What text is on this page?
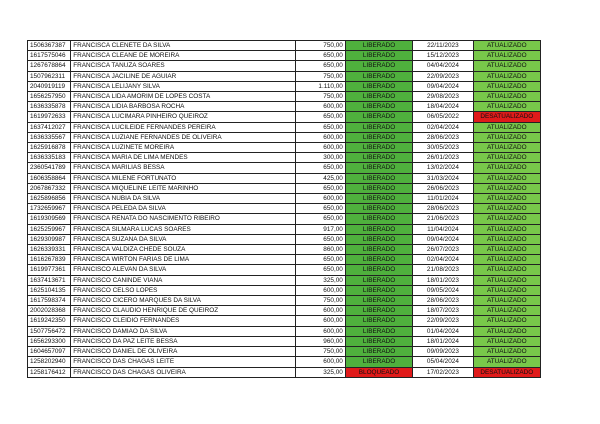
1506367387	FRANCISCA CLENETE DA SILVA	750,00	LIBERADO	22/11/2023	ATUALIZADO
1617575046	FRANCISCA CLEANE DE MOREIRA	650,00	LIBERADO	15/12/2023	ATUALIZADO
1267678864	FRANCISCA TANUZA SOARES	650,00	LIBERADO	04/04/2024	ATUALIZADO
1507962311	FRANCISCA JACILINE DE AGUIAR	750,00	LIBERADO	22/09/2023	ATUALIZADO
2040919119	FRANCISCA LELIJANY SILVA	1.110,00	LIBERADO	09/04/2024	ATUALIZADO
1656257950	FRANCISCA LIDA AMORIM DE LOPES COSTA	750,00	LIBERADO	29/08/2023	ATUALIZADO
1636335878	FRANCISCA LIDIA BARBOSA ROCHA	600,00	LIBERADO	18/04/2024	ATUALIZADO
1619972633	FRANCISCA LUCIMARA PINHEIRO QUEIROZ	650,00	LIBERADO	06/05/2022	DESATUALIZADO
1637412027	FRANCISCA LUCILEIDE FERNANDES PEREIRA	650,00	LIBERADO	02/04/2024	ATUALIZADO
1636335567	FRANCISCA LUZIANE FERNANDES DE OLIVEIRA	600,00	LIBERADO	28/06/2023	ATUALIZADO
1625916878	FRANCISCA LUZINETE MOREIRA	600,00	LIBERADO	30/05/2023	ATUALIZADO
1636335183	FRANCISCA MARIA DE LIMA MENDES	300,00	LIBERADO	26/01/2023	ATUALIZADO
2360541789	FRANCISCA MARILIAS BESSA	650,00	LIBERADO	13/02/2024	ATUALIZADO
1606358864	FRANCISCA MILENE FORTUNATO	425,00	LIBERADO	31/03/2024	ATUALIZADO
2067867332	FRANCISCA MIQUELINE LEITE MARINHO	650,00	LIBERADO	26/06/2023	ATUALIZADO
1625896856	FRANCISCA NUBIA DA SILVA	600,00	LIBERADO	11/01/2024	ATUALIZADO
1732659967	FRANCISCA PELEDA DA SILVA	650,00	LIBERADO	28/06/2023	ATUALIZADO
1619309569	FRANCISCA RENATA DO NASCIMENTO RIBEIRO	650,00	LIBERADO	21/06/2023	ATUALIZADO
1625259967	FRANCISCA SILMARA LUCAS SOARES	917,00	LIBERADO	11/04/2024	ATUALIZADO
1629309987	FRANCISCA SUZANA DA SILVA	650,00	LIBERADO	09/04/2024	ATUALIZADO
1626339331	FRANCISCA VALDIZA CHEDE SOUZA	860,00	LIBERADO	26/07/2023	ATUALIZADO
1616267839	FRANCISCA WIRTON FARIAS DE LIMA	650,00	LIBERADO	02/04/2024	ATUALIZADO
1619977361	FRANCISCO ALEVAN DA SILVA	650,00	LIBERADO	21/08/2023	ATUALIZADO
1637413671	FRANCISCO CANINDE VIANA	325,00	LIBERADO	18/01/2023	ATUALIZADO
1625104135	FRANCISCO CELSO LOPES	600,00	LIBERADO	09/05/2024	ATUALIZADO
1617598374	FRANCISCO CICERO MARQUES DA SILVA	750,00	LIBERADO	28/06/2023	ATUALIZADO
2002028368	FRANCISCO CLAUDIO HENRIQUE DE QUEIROZ	600,00	LIBERADO	18/07/2023	ATUALIZADO
1619242350	FRANCISCO CLEIDIO FERNANDES	600,00	LIBERADO	22/09/2023	ATUALIZADO
1507756472	FRANCISCO DAMIAO DA SILVA	600,00	LIBERADO	01/04/2024	ATUALIZADO
1656293300	FRANCISCO DA PAZ LEITE BESSA	960,00	LIBERADO	18/01/2024	ATUALIZADO
1604657097	FRANCISCO DANIEL DE OLIVEIRA	750,00	LIBERADO	09/09/2023	ATUALIZADO
1258202940	FRANCISCO DAS CHAGAS LEITE	600,00	LIBERADO	05/04/2024	ATUALIZADO
1258176412	FRANCISCO DAS CHAGAS OLIVEIRA	325,00	BLOQUEADO	17/02/2023	DESATUALIZADO
